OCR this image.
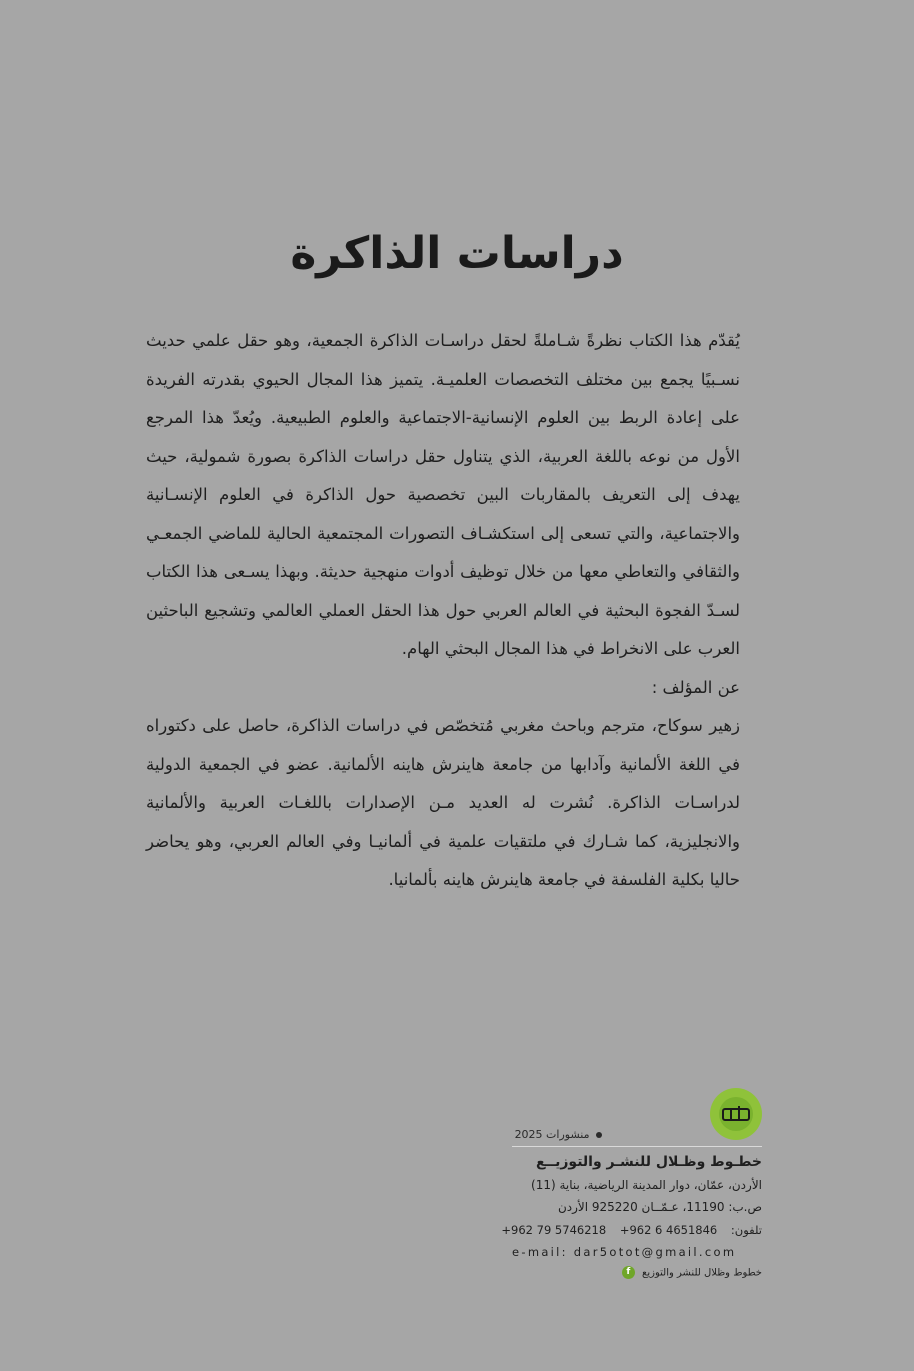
دراسات الذاكرة

يُقدّم هذا الكتاب نظرةً شـاملةً لحقل دراسـات الذاكرة الجمعية، وهو حقل علمي حديث نسـبيًا يجمع بين مختلف التخصصات العلميـة. يتميز هذا المجال الحيوي بقدرته الفريدة على إعادة الربط بين العلوم الإنسانية-الاجتماعية والعلوم الطبيعية. ويُعدّ هذا المرجع الأول من نوعه باللغة العربية، الذي يتناول حقل دراسات الذاكرة بصورة شمولية، حيث يهدف إلى التعريف بالمقاربات البين تخصصية حول الذاكرة في العلوم الإنسـانية والاجتماعية، والتي تسعى إلى استكشـاف التصورات المجتمعية الحالية للماضي الجمعـي والثقافي والتعاطي معها من خلال توظيف أدوات منهجية حديثة. وبهذا يسـعى هذا الكتاب لسـدّ الفجوة البحثية في العالم العربي حول هذا الحقل العملي العالمي وتشجيع الباحثين العرب على الانخراط في هذا المجال البحثي الهام.

عن المؤلف :

زهير سوكاح، مترجم وباحث مغربي مُتخصّص في دراسات الذاكرة، حاصل على دكتوراه في اللغة الألمانية وآدابها من جامعة هاينرش هاينه الألمانية. عضو في الجمعية الدولية لدراسـات الذاكرة. نُشرت له العديد مـن الإصدارات باللغـات العربية والألمانية والانجليزية، كما شـارك في ملتقيات علمية في ألمانيـا وفي العالم العربي، وهو يحاضر حاليا بكلية الفلسفة في جامعة هاينرش هاينه بألمانيا.

منشورات 2025
خطـوط وظـلال للنشـر والتوزيــع
الأردن، عمّان، دوار المدينة الرياضية، بناية (11)
ص.ب: 11190، عـمّــان 925220 الأردن
تلفون: +962 79 5746218 +962 6 4651846
e-mail: dar5otot@gmail.com
خطوط وظلال للنشر والتوزيع f
